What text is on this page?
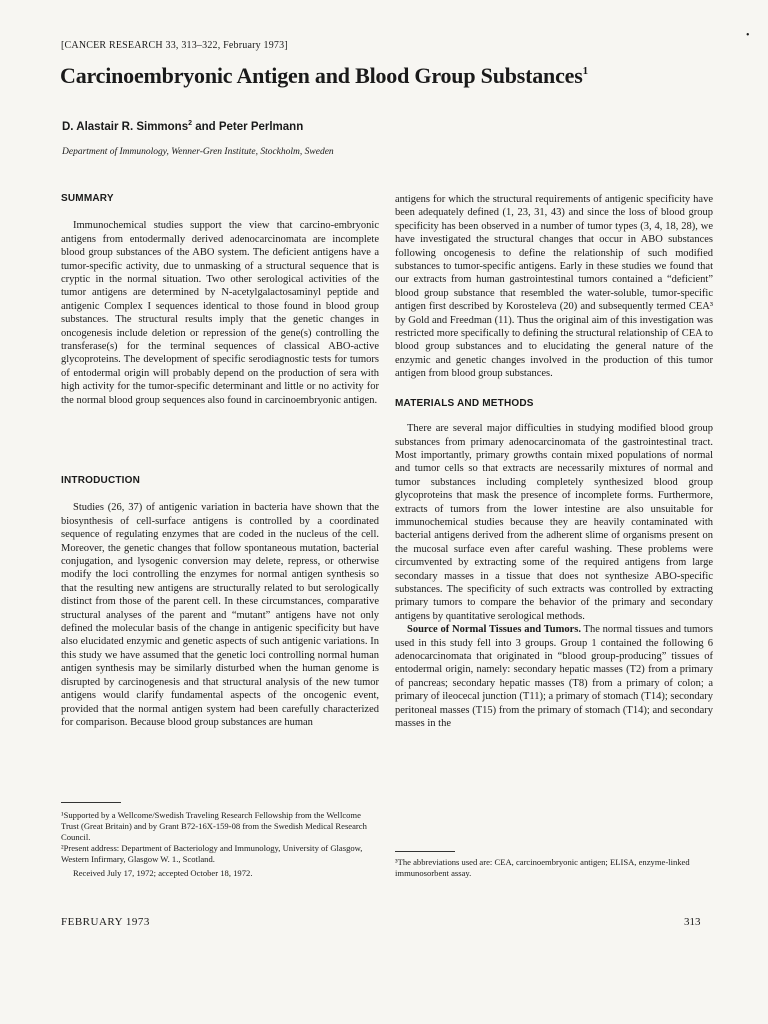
[CANCER RESEARCH 33, 313–322, February 1973]
•
Carcinoembryonic Antigen and Blood Group Substances$^1$
D. Alastair R. Simmons$^2$ and Peter Perlmann
Department of Immunology, Wenner-Gren Institute, Stockholm, Sweden
SUMMARY

Immunochemical studies support the view that carcino-embryonic antigens from entodermally derived adenocarcinomata are incomplete blood group substances of the ABO system. The deficient antigens have a tumor-specific activity, due to unmasking of a structural sequence that is cryptic in the normal situation. Two other serological activities of the tumor antigens are determined by N-acetylgalactosaminyl peptide and antigenic Complex I sequences identical to those found in blood group substances. The structural results imply that the genetic changes in oncogenesis include deletion or repression of the gene(s) controlling the transferase(s) for the terminal sequences of classical ABO-active glycoproteins. The development of specific serodiagnostic tests for tumors of entodermal origin will probably depend on the production of sera with high activity for the tumor-specific determinant and little or no activity for the normal blood group sequences also found in carcinoembryonic antigen.

INTRODUCTION

Studies (26, 37) of antigenic variation in bacteria have shown that the biosynthesis of cell-surface antigens is controlled by a coordinated sequence of regulating enzymes that are coded in the nucleus of the cell. Moreover, the genetic changes that follow spontaneous mutation, bacterial conjugation, and lysogenic conversion may delete, repress, or otherwise modify the loci controlling the enzymes for normal antigen synthesis so that the resulting new antigens are structurally related to but serologically distinct from those of the parent cell. In these circumstances, comparative structural analyses of the parent and “mutant” antigens have not only defined the molecular basis of the change in antigenic specificity but have also elucidated enzymic and genetic aspects of such antigenic variations. In this study we have assumed that the genetic loci controlling normal human antigen synthesis may be similarly disturbed when the human genome is disrupted by carcinogenesis and that structural analysis of the new tumor antigens would clarify fundamental aspects of the oncogenic event, provided that the normal antigen system had been carefully characterized for comparison. Because blood group substances are human

¹Supported by a Wellcome/Swedish Traveling Research Fellowship from the Wellcome Trust (Great Britain) and by Grant B72-16X-159-08 from the Swedish Medical Research Council.

²Present address: Department of Bacteriology and Immunology, University of Glasgow, Western Infirmary, Glasgow W. 1., Scotland.

Received July 17, 1972; accepted October 18, 1972.

antigens for which the structural requirements of antigenic specificity have been adequately defined (1, 23, 31, 43) and since the loss of blood group specificity has been observed in a number of tumor types (3, 4, 18, 28), we have investigated the structural changes that occur in ABO substances following oncogenesis to define the relationship of such modified substances to tumor-specific antigens. Early in these studies we found that our extracts from human gastrointestinal tumors contained a “deficient” blood group substance that resembled the water-soluble, tumor-specific antigen first described by Korosteleva (20) and subsequently termed CEA³ by Gold and Freedman (11). Thus the original aim of this investigation was restricted more specifically to defining the structural relationship of CEA to blood group substances and to elucidating the general nature of the enzymic and genetic changes involved in the production of this tumor antigen from blood group substances.

MATERIALS AND METHODS

There are several major difficulties in studying modified blood group substances from primary adenocarcinomata of the gastrointestinal tract. Most importantly, primary growths contain mixed populations of normal and tumor cells so that extracts are necessarily mixtures of normal and tumor substances including completely synthesized blood group glycoproteins that mask the presence of incomplete forms. Furthermore, extracts of tumors from the lower intestine are also unsuitable for immunochemical studies because they are heavily contaminated with bacterial antigens derived from the adherent slime of organisms present on the mucosal surface even after careful washing. These problems were circumvented by extracting some of the required antigens from large secondary masses in a tissue that does not synthesize ABO-specific substances. The specificity of such extracts was controlled by extracting primary tumors to compare the behavior of the primary and secondary antigens by quantitative serological methods.

Source of Normal Tissues and Tumors. The normal tissues and tumors used in this study fell into 3 groups. Group 1 contained the following 6 adenocarcinomata that originated in “blood group-producing” tissues of entodermal origin, namely: secondary hepatic masses (T2) from a primary of pancreas; secondary hepatic masses (T8) from a primary of colon; a primary of ileocecal junction (T11); a primary of stomach (T14); secondary peritoneal masses (T15) from the primary of stomach (T14); and secondary masses in the

³The abbreviations used are: CEA, carcinoembryonic antigen; ELISA, enzyme-linked immunosorbent assay.

FEBRUARY 1973	313
